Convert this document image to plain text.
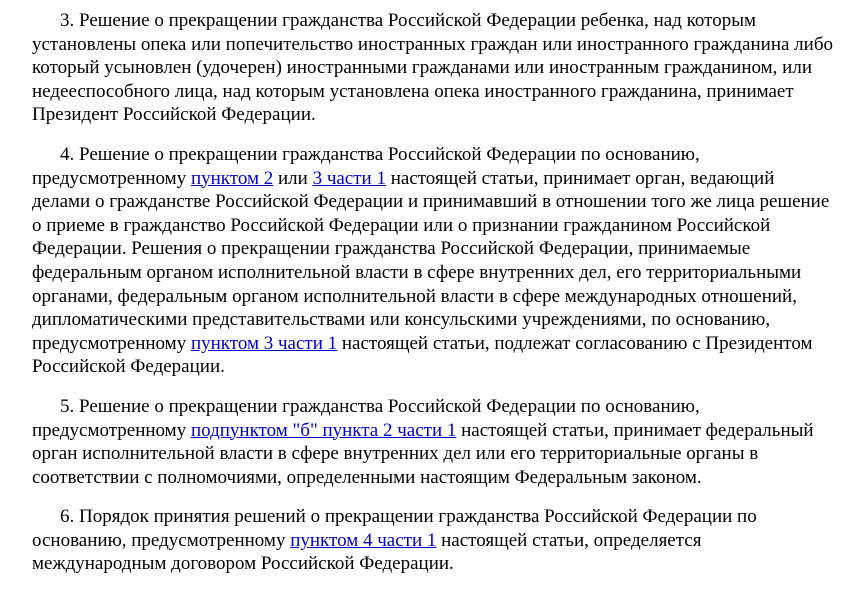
3. Решение о прекращении гражданства Российской Федерации ребенка, над которым установлены опека или попечительство иностранных граждан или иностранного гражданина либо который усыновлен (удочерен) иностранными гражданами или иностранным гражданином, или недееспособного лица, над которым установлена опека иностранного гражданина, принимает Президент Российской Федерации.

4. Решение о прекращении гражданства Российской Федерации по основанию, предусмотренному пунктом 2 или 3 части 1 настоящей статьи, принимает орган, ведающий делами о гражданстве Российской Федерации и принимавший в отношении того же лица решение о приеме в гражданство Российской Федерации или о признании гражданином Российской Федерации. Решения о прекращении гражданства Российской Федерации, принимаемые федеральным органом исполнительной власти в сфере внутренних дел, его территориальными органами, федеральным органом исполнительной власти в сфере международных отношений, дипломатическими представительствами или консульскими учреждениями, по основанию, предусмотренному пунктом 3 части 1 настоящей статьи, подлежат согласованию с Президентом Российской Федерации.

5. Решение о прекращении гражданства Российской Федерации по основанию, предусмотренному подпунктом "б" пункта 2 части 1 настоящей статьи, принимает федеральный орган исполнительной власти в сфере внутренних дел или его территориальные органы в соответствии с полномочиями, определенными настоящим Федеральным законом.

6. Порядок принятия решений о прекращении гражданства Российской Федерации по основанию, предусмотренному пунктом 4 части 1 настоящей статьи, определяется международным договором Российской Федерации.
